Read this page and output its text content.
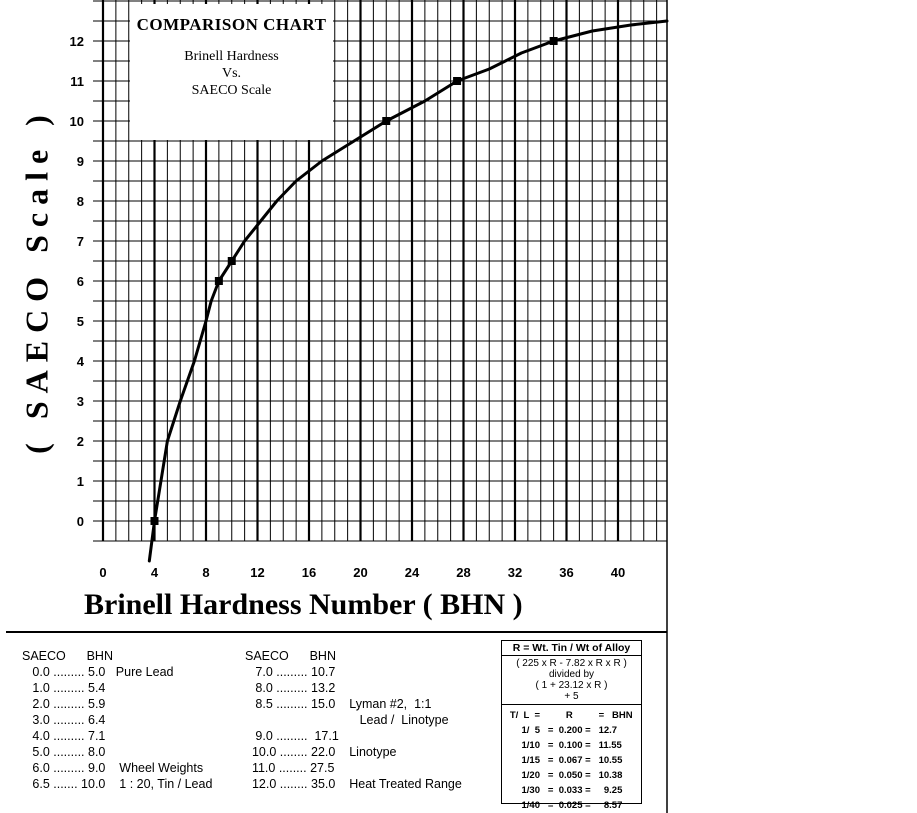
0	4	8	12	16	20	24	28	32	36	40
0
1
2
3
4
5
6
7
8
9
10
11
12
COMPARISON CHART
Brinell Hardness
Vs.
SAECO Scale
( SAECO Scale )
Brinell Hardness Number ( BHN )
SAECO      BHN
0.0 ......... 5.0   Pure Lead
1.0 ......... 5.4
2.0 ......... 5.9
3.0 ......... 6.4
4.0 ......... 7.1
5.0 ......... 8.0
6.0 ......... 9.0    Wheel Weights
6.5 ....... 10.0    1 : 20, Tin / Lead
SAECO      BHN
7.0 ......... 10.7
8.0 ......... 13.2
8.5 ......... 15.0    Lyman #2,  1:1
Lead /  Linotype
9.0 .........  17.1
10.0 ........ 22.0    Linotype
11.0 ........ 27.5
12.0 ........ 35.0    Heat Treated Range
R = Wt. Tin / Wt of Alloy
( 225 x R - 7.82 x R x R )
divided by
( 1 + 23.12 x R )
+ 5
T/  L  =	R	=   BHN
1/  5	=  0.200 =	12.7
1/10	=  0.100 =	11.55
1/15	=  0.067 =	10.55
1/20	=  0.050 =	10.38
1/30	=  0.033 =	9.25
1/40	=  0.025 =	8.57
